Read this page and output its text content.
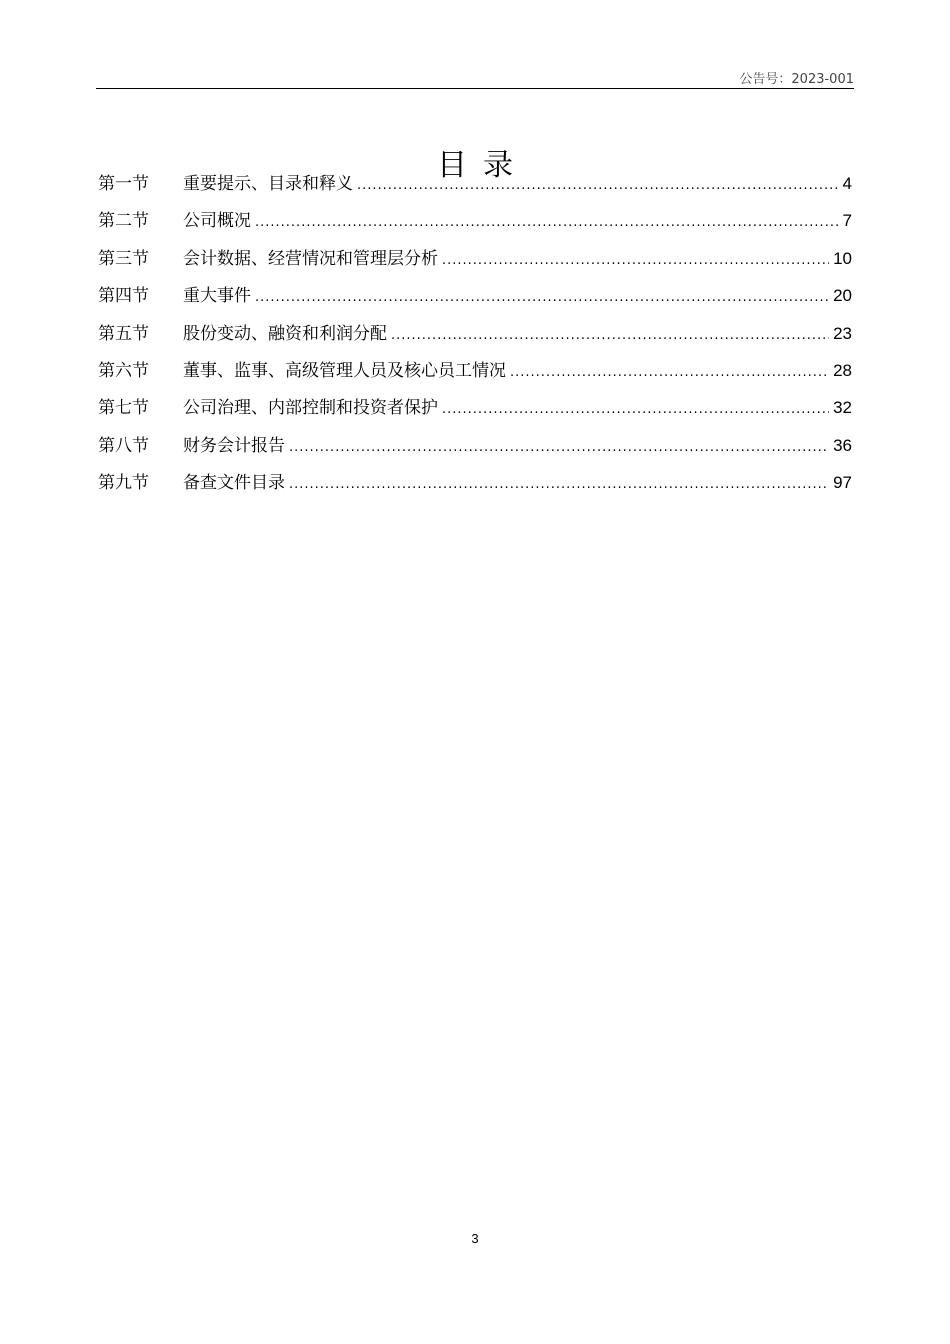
公告号：2023-001
目录
第一节	重要提示、目录和释义 .....	4
第二节	公司概况 .....	7
第三节	会计数据、经营情况和管理层分析 .....	10
第四节	重大事件 .....	20
第五节	股份变动、融资和利润分配 .....	23
第六节	董事、监事、高级管理人员及核心员工情况 .....	28
第七节	公司治理、内部控制和投资者保护 .....	32
第八节	财务会计报告 .....	36
第九节	备查文件目录 .....	97
3
